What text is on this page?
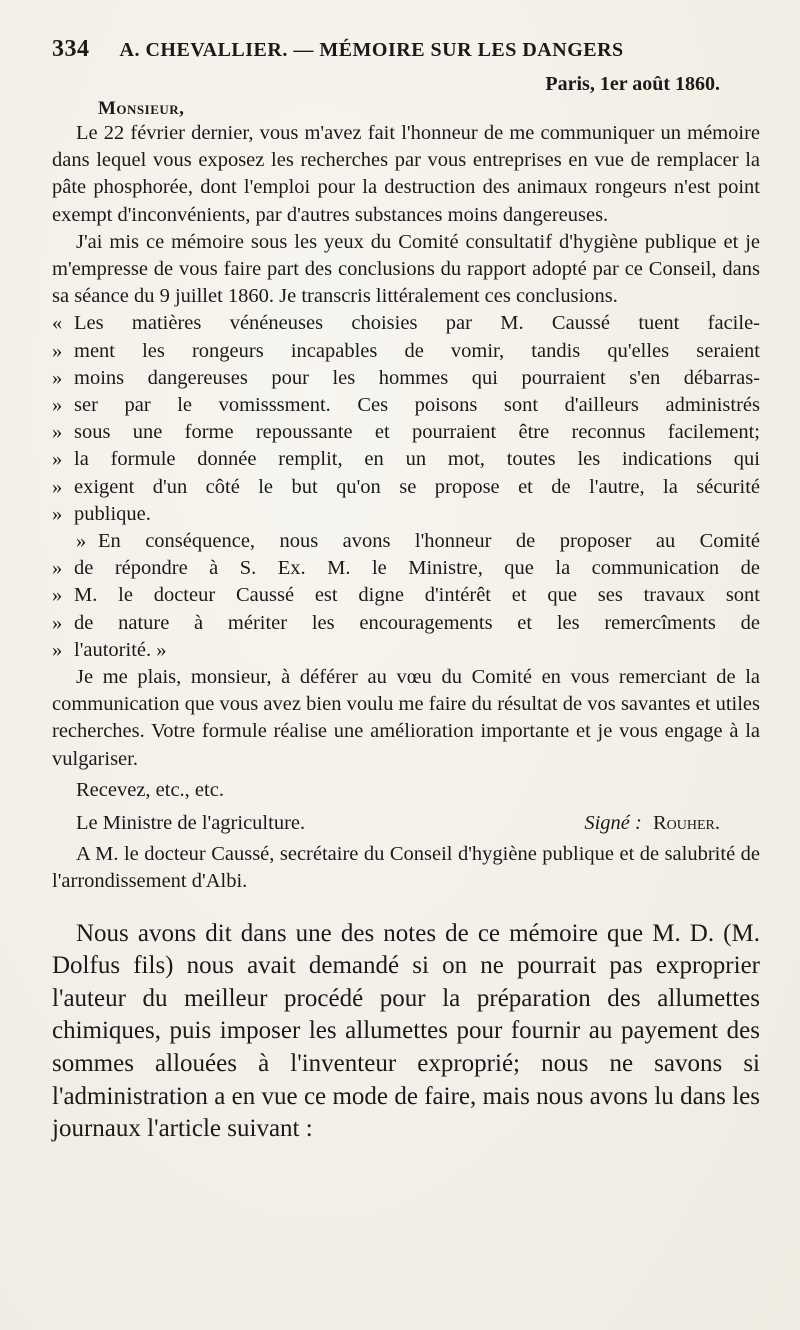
334 A. CHEVALLIER. — MÉMOIRE SUR LES DANGERS
Paris, 1er août 1860.
Monsieur,

Le 22 février dernier, vous m'avez fait l'honneur de me communiquer un mémoire dans lequel vous exposez les recherches par vous entreprises en vue de remplacer la pâte phosphorée, dont l'emploi pour la destruction des animaux rongeurs n'est point exempt d'inconvénients, par d'autres substances moins dangereuses.

J'ai mis ce mémoire sous les yeux du Comité consultatif d'hygiène publique et je m'empresse de vous faire part des conclusions du rapport adopté par ce Conseil, dans sa séance du 9 juillet 1860. Je transcris littéralement ces conclusions.

« Les matières vénéneuses choisies par M. Caussé tuent facile-
» ment les rongeurs incapables de vomir, tandis qu'elles seraient
» moins dangereuses pour les hommes qui pourraient s'en débarras-
» ser par le vomisssment. Ces poisons sont d'ailleurs administrés
» sous une forme repoussante et pourraient être reconnus facilement;
» la formule donnée remplit, en un mot, toutes les indications qui
» exigent d'un côté le but qu'on se propose et de l'autre, la sécurité
» publique.

» En conséquence, nous avons l'honneur de proposer au Comité
» de répondre à S. Ex. M. le Ministre, que la communication de
» M. le docteur Caussé est digne d'intérêt et que ses travaux sont
» de nature à mériter les encouragements et les remercîments de
» l'autorité. »

Je me plais, monsieur, à déférer au vœu du Comité en vous remerciant de la communication que vous avez bien voulu me faire du résultat de vos savantes et utiles recherches. Votre formule réalise une amélioration importante et je vous engage à la vulgariser.

Recevez, etc., etc.
Le Ministre de l'agriculture.	Signé : Rouher.

A M. le docteur Caussé, secrétaire du Conseil d'hygiène publique et de salubrité de l'arrondissement d'Albi.

Nous avons dit dans une des notes de ce mémoire que M. D. (M. Dolfus fils) nous avait demandé si on ne pourrait pas exproprier l'auteur du meilleur procédé pour la préparation des allumettes chimiques, puis imposer les allumettes pour fournir au payement des sommes allouées à l'inventeur exproprié; nous ne savons si l'administration a en vue ce mode de faire, mais nous avons lu dans les journaux l'article suivant :
